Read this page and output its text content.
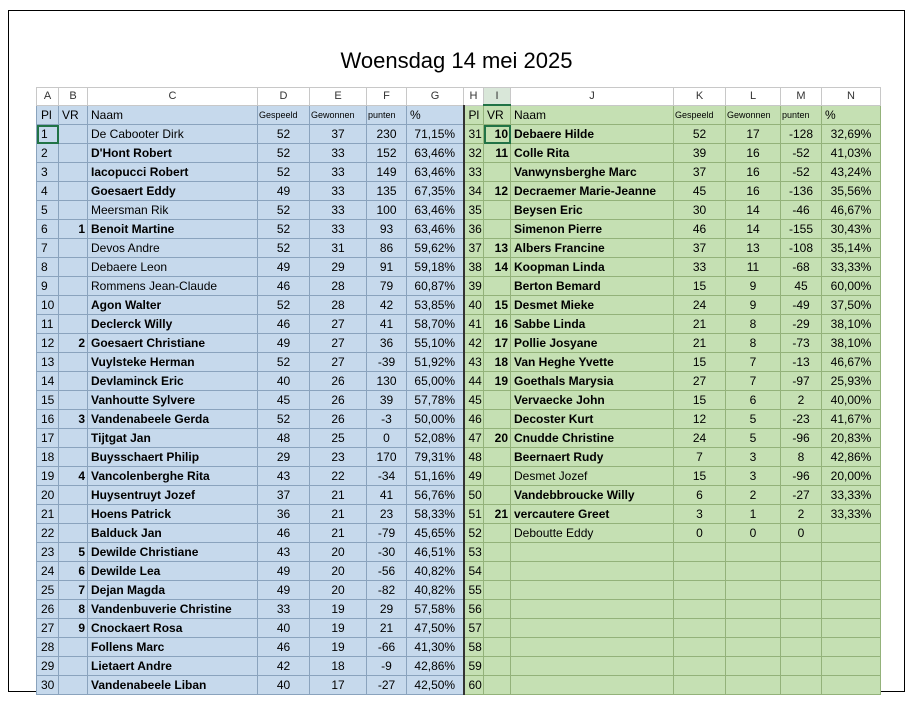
Woensdag 14 mei 2025
A	B	C	D	E	F	G	H	I	J	K	L	M	N
Pl	VR	Naam	Gespeeld	Gewonnen	punten	%	Pl	VR	Naam	Gespeeld	Gewonnen	punten	%
1		De Cabooter Dirk	52	37	230	71,15%	31	10	Debaere Hilde	52	17	-128	32,69%
2		D'Hont Robert	52	33	152	63,46%	32	11	Colle Rita	39	16	-52	41,03%
3		Iacopucci Robert	52	33	149	63,46%	33		Vanwynsberghe Marc	37	16	-52	43,24%
4		Goesaert Eddy	49	33	135	67,35%	34	12	Decraemer Marie-Jeanne	45	16	-136	35,56%
5		Meersman Rik	52	33	100	63,46%	35		Beysen Eric	30	14	-46	46,67%
6	1	Benoit Martine	52	33	93	63,46%	36		Simenon Pierre	46	14	-155	30,43%
7		Devos Andre	52	31	86	59,62%	37	13	Albers Francine	37	13	-108	35,14%
8		Debaere Leon	49	29	91	59,18%	38	14	Koopman Linda	33	11	-68	33,33%
9		Rommens Jean-Claude	46	28	79	60,87%	39		Berton Bemard	15	9	45	60,00%
10		Agon Walter	52	28	42	53,85%	40	15	Desmet Mieke	24	9	-49	37,50%
11		Declerck Willy	46	27	41	58,70%	41	16	Sabbe Linda	21	8	-29	38,10%
12	2	Goesaert Christiane	49	27	36	55,10%	42	17	Pollie Josyane	21	8	-73	38,10%
13		Vuylsteke Herman	52	27	-39	51,92%	43	18	Van Heghe Yvette	15	7	-13	46,67%
14		Devlaminck Eric	40	26	130	65,00%	44	19	Goethals Marysia	27	7	-97	25,93%
15		Vanhoutte Sylvere	45	26	39	57,78%	45		Vervaecke John	15	6	2	40,00%
16	3	Vandenabeele Gerda	52	26	-3	50,00%	46		Decoster Kurt	12	5	-23	41,67%
17		Tijtgat Jan	48	25	0	52,08%	47	20	Cnudde Christine	24	5	-96	20,83%
18		Buysschaert Philip	29	23	170	79,31%	48		Beernaert Rudy	7	3	8	42,86%
19	4	Vancolenberghe Rita	43	22	-34	51,16%	49		Desmet Jozef	15	3	-96	20,00%
20		Huysentruyt Jozef	37	21	41	56,76%	50		Vandebbroucke Willy	6	2	-27	33,33%
21		Hoens Patrick	36	21	23	58,33%	51	21	vercautere Greet	3	1	2	33,33%
22		Balduck Jan	46	21	-79	45,65%	52		Deboutte Eddy	0	0	0	
23	5	Dewilde Christiane	43	20	-30	46,51%	53						
24	6	Dewilde Lea	49	20	-56	40,82%	54						
25	7	Dejan Magda	49	20	-82	40,82%	55						
26	8	Vandenbuverie Christine	33	19	29	57,58%	56						
27	9	Cnockaert Rosa	40	19	21	47,50%	57						
28		Follens Marc	46	19	-66	41,30%	58						
29		Lietaert Andre	42	18	-9	42,86%	59						
30		Vandenabeele Liban	40	17	-27	42,50%	60						
